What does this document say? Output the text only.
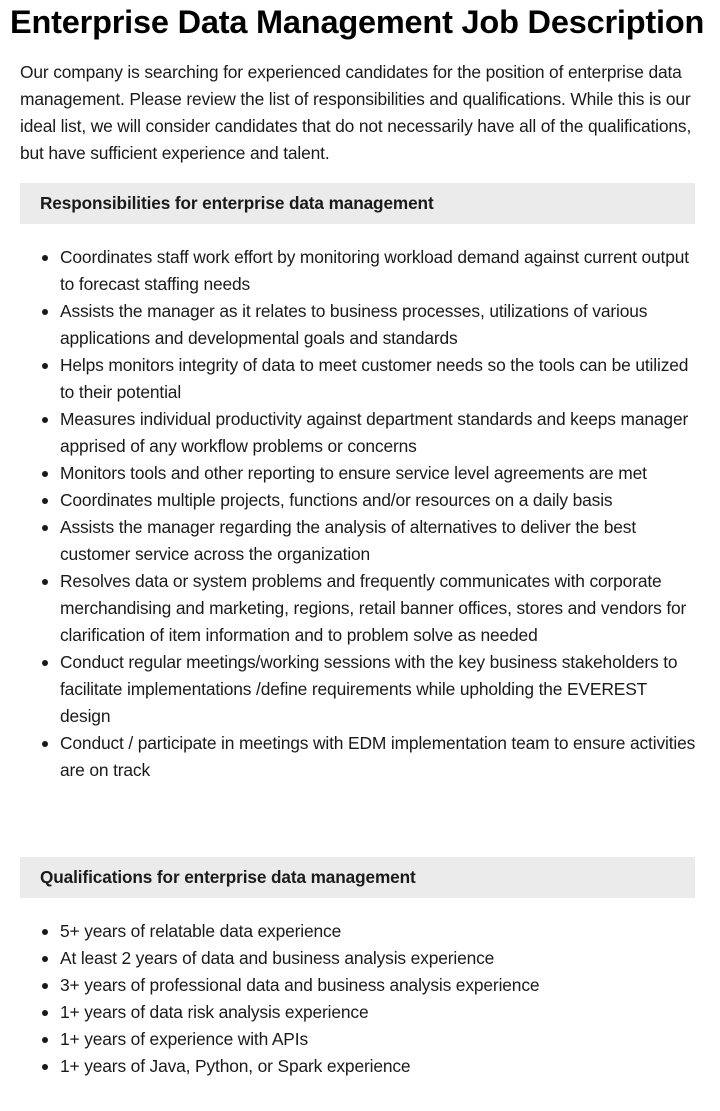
Enterprise Data Management Job Description

Our company is searching for experienced candidates for the position of enterprise data management. Please review the list of responsibilities and qualifications. While this is our ideal list, we will consider candidates that do not necessarily have all of the qualifications, but have sufficient experience and talent.

Responsibilities for enterprise data management
Coordinates staff work effort by monitoring workload demand against current output to forecast staffing needs
Assists the manager as it relates to business processes, utilizations of various applications and developmental goals and standards
Helps monitors integrity of data to meet customer needs so the tools can be utilized to their potential
Measures individual productivity against department standards and keeps manager apprised of any workflow problems or concerns
Monitors tools and other reporting to ensure service level agreements are met
Coordinates multiple projects, functions and/or resources on a daily basis
Assists the manager regarding the analysis of alternatives to deliver the best customer service across the organization
Resolves data or system problems and frequently communicates with corporate merchandising and marketing, regions, retail banner offices, stores and vendors for clarification of item information and to problem solve as needed
Conduct regular meetings/working sessions with the key business stakeholders to facilitate implementations /define requirements while upholding the EVEREST design
Conduct / participate in meetings with EDM implementation team to ensure activities are on track
Qualifications for enterprise data management
5+ years of relatable data experience
At least 2 years of data and business analysis experience
3+ years of professional data and business analysis experience
1+ years of data risk analysis experience
1+ years of experience with APIs
1+ years of Java, Python, or Spark experience
